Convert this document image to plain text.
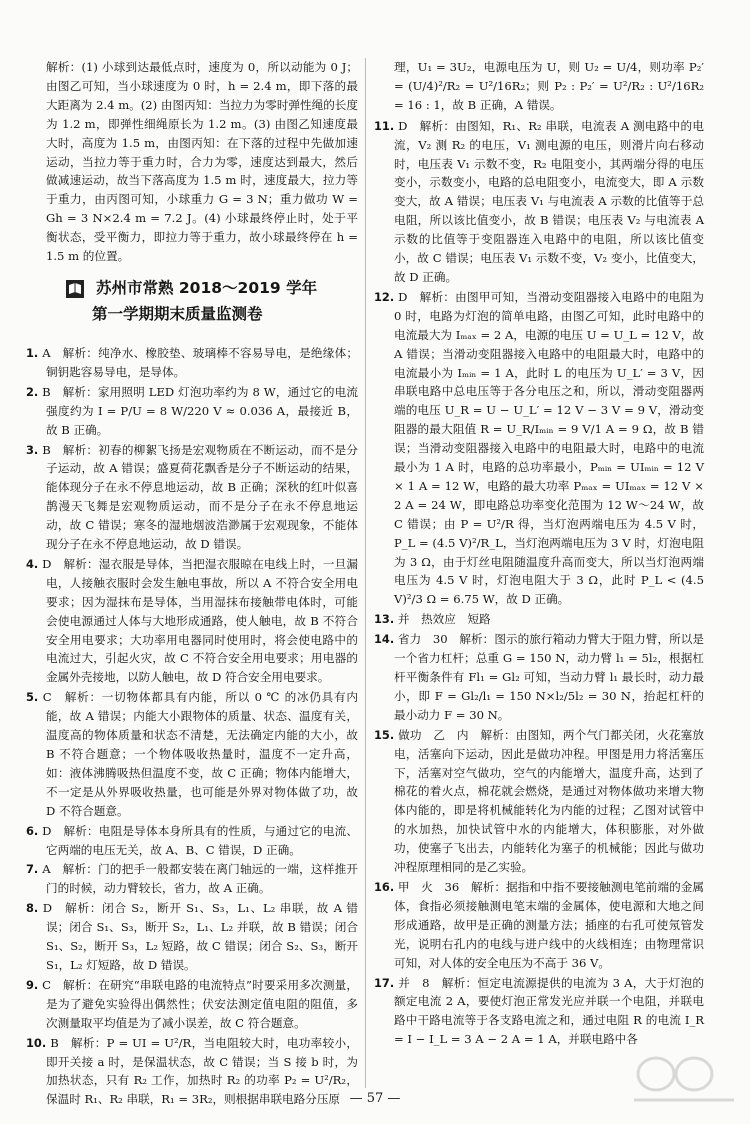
解析：(1) 小球到达最低点时，速度为 0，所以动能为 0 J；由图乙可知，当小球速度为 0 时，h = 2.4 m，即下落的最大距离为 2.4 m。(2) 由图丙知：当拉力为零时弹性绳的长度为 1.2 m，即弹性细绳原长为 1.2 m。(3) 由图乙知速度最大时，高度为 1.5 m，由图丙知：在下落的过程中先做加速运动，当拉力等于重力时，合力为零，速度达到最大，然后做减速运动，故当下落高度为 1.5 m 时，速度最大，拉力等于重力，由丙图可知，小球重力 G = 3 N；重力做功 W = Gh = 3 N×2.4 m = 7.2 J。(4) 小球最终停止时，处于平衡状态，受平衡力，即拉力等于重力，故小球最终停在 h = 1.5 m 的位置。

苏州市常熟 2018～2019 学年
第一学期期末质量监测卷

1. A　解析：纯净水、橡胶垫、玻璃棒不容易导电，是绝缘体；铜钥匙容易导电，是导体。

2. B　解析：家用照明 LED 灯泡功率约为 8 W，通过它的电流强度约为 I = P/U = 8 W/220 V ≈ 0.036 A，最接近 B，故 B 正确。

3. B　解析：初春的柳絮飞扬是宏观物质在不断运动，而不是分子运动，故 A 错误；盛夏荷花飘香是分子不断运动的结果，能体现分子在永不停息地运动，故 B 正确；深秋的红叶似喜鹊漫天飞舞是宏观物质运动，而不是分子在永不停息地运动，故 C 错误；寒冬的湿地烟波浩渺属于宏观现象，不能体现分子在永不停息地运动，故 D 错误。

4. D　解析：湿衣服是导体，当把湿衣服晾在电线上时，一旦漏电，人接触衣服时会发生触电事故，所以 A 不符合安全用电要求；因为湿抹布是导体，当用湿抹布接触带电体时，可能会使电源通过人体与大地形成通路，使人触电，故 B 不符合安全用电要求；大功率用电器同时使用时，将会使电路中的电流过大，引起火灾，故 C 不符合安全用电要求；用电器的金属外壳接地，以防人触电，故 D 符合安全用电要求。

5. C　解析：一切物体都具有内能，所以 0 ℃ 的冰仍具有内能，故 A 错误；内能大小跟物体的质量、状态、温度有关，温度高的物体质量和状态不清楚，无法确定内能的大小，故 B 不符合题意；一个物体吸收热量时，温度不一定升高，如：液体沸腾吸热但温度不变，故 C 正确；物体内能增大，不一定是从外界吸收热量，也可能是外界对物体做了功，故 D 不符合题意。

6. D　解析：电阻是导体本身所具有的性质，与通过它的电流、它两端的电压无关，故 A、B、C 错误，D 正确。

7. A　解析：门的把手一般都安装在离门轴远的一端，这样推开门的时候，动力臂较长，省力，故 A 正确。

8. D　解析：闭合 S₂，断开 S₁、S₃，L₁、L₂ 串联，故 A 错误；闭合 S₁、S₃，断开 S₂，L₁、L₂ 并联，故 B 错误；闭合 S₁、S₂，断开 S₃，L₂ 短路，故 C 错误；闭合 S₂、S₃，断开 S₁，L₂ 灯短路，故 D 错误。

9. C　解析：在研究“串联电路的电流特点”时要采用多次测量，是为了避免实验得出偶然性；伏安法测定值电阻的阻值，多次测量取平均值是为了减小误差，故 C 符合题意。

10. B　解析：P = UI = U²/R，当电阻较大时，电功率较小，即开关接 a 时，是保温状态，故 C 错误；当 S 接 b 时，为加热状态，只有 R₂ 工作，加热时 R₂ 的功率 P₂ = U²/R₂，保温时 R₁、R₂ 串联，R₁ = 3R₂，则根据串联电路分压原

理，U₁ = 3U₂，电源电压为 U，则 U₂ = U/4，则功率 P₂′ = (U/4)²/R₂ = U²/16R₂；则 P₂ : P₂′ = U²/R₂ : U²/16R₂ = 16 : 1，故 B 正确，A 错误。

11. D　解析：由图知，R₁、R₂ 串联，电流表 A 测电路中的电流，V₂ 测 R₂ 的电压，V₁ 测电源的电压，则滑片向右移动时，电压表 V₁ 示数不变，R₂ 电阻变小，其两端分得的电压变小，示数变小，电路的总电阻变小，电流变大，即 A 示数变大，故 A 错误；电压表 V₁ 与电流表 A 示数的比值等于总电阻，所以该比值变小，故 B 错误；电压表 V₂ 与电流表 A 示数的比值等于变阻器连入电路中的电阻，所以该比值变小，故 C 错误；电压表 V₁ 示数不变，V₂ 变小，比值变大，故 D 正确。

12. D　解析：由图甲可知，当滑动变阻器接入电路中的电阻为 0 时，电路为灯泡的简单电路，由图乙可知，此时电路中的电流最大为 Iₘₐₓ = 2 A，电源的电压 U = U_L = 12 V，故 A 错误；当滑动变阻器接入电路中的电阻最大时，电路中的电流最小为 Iₘᵢₙ = 1 A，此时 L 的电压为 U_L′ = 3 V，因串联电路中总电压等于各分电压之和，所以，滑动变阻器两端的电压 U_R = U − U_L′ = 12 V − 3 V = 9 V，滑动变阻器的最大阻值 R = U_R/Iₘᵢₙ = 9 V/1 A = 9 Ω，故 B 错误；当滑动变阻器接入电路中的电阻最大时，电路中的电流最小为 1 A 时，电路的总功率最小，Pₘᵢₙ = UIₘᵢₙ = 12 V × 1 A = 12 W，电路的最大功率 Pₘₐₓ = UIₘₐₓ = 12 V × 2 A = 24 W，即电路总功率变化范围为 12 W～24 W，故 C 错误；由 P = U²/R 得，当灯泡两端电压为 4.5 V 时，P_L = (4.5 V)²/R_L，当灯泡两端电压为 3 V 时，灯泡电阻为 3 Ω，由于灯丝电阻随温度升高而变大，所以当灯泡两端电压为 4.5 V 时，灯泡电阻大于 3 Ω，此时 P_L < (4.5 V)²/3 Ω = 6.75 W，故 D 正确。

13. 并　热效应　短路

14. 省力　30　解析：图示的旅行箱动力臂大于阻力臂，所以是一个省力杠杆；总重 G = 150 N，动力臂 l₁ = 5l₂，根据杠杆平衡条件有 Fl₁ = Gl₂ 可知，当动力臂 l₁ 最长时，动力最小，即 F = Gl₂/l₁ = 150 N×l₂/5l₂ = 30 N，抬起杠杆的最小动力 F = 30 N。

15. 做功　乙　内　解析：由图知，两个气门都关闭，火花塞放电，活塞向下运动，因此是做功冲程。甲图是用力将活塞压下，活塞对空气做功，空气的内能增大，温度升高，达到了棉花的着火点，棉花就会燃烧，是通过对物体做功来增大物体内能的，即是将机械能转化为内能的过程；乙图对试管中的水加热，加快试管中水的内能增大，体积膨胀，对外做功，使塞子飞出去，内能转化为塞子的机械能；因此与做功冲程原理相同的是乙实验。

16. 甲　火　36　解析：据指和中指不要接触测电笔前端的金属体，食指必须接触测电笔末端的金属体，使电源和大地之间形成通路，故甲是正确的测量方法；插座的右孔可使氖管发光，说明右孔内的电线与进户线中的火线相连；由物理常识可知，对人体的安全电压为不高于 36 V。

17. 并　8　解析：恒定电流源提供的电流为 3 A，大于灯泡的额定电流 2 A，要使灯泡正常发光应并联一个电阻，并联电路中干路电流等于各支路电流之和，通过电阻 R 的电流 I_R = I − I_L = 3 A − 2 A = 1 A，并联电路中各

— 57 —
